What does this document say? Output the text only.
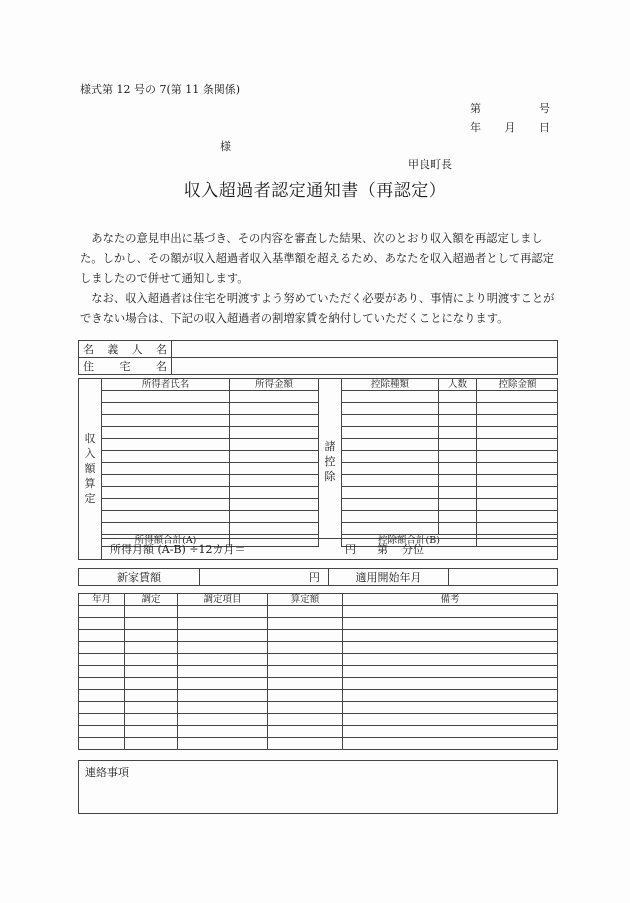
様式第 12 号の 7(第 11 条関係)
第	号
年 月 日
様
甲良町長
収入超過者認定通知書（再認定）

あなたの意見申出に基づき、その内容を審査した結果、次のとおり収入額を再認定しました。しかし、その額が収入超過者収入基準額を超えるため、あなたを収入超過者として再認定しましたので併せて通知します。

なお、収入超過者は住宅を明渡すよう努めていただく必要があり、事情により明渡すことができない場合は、下記の収入超過者の割増家賃を納付していただくことになります。

名義人名	
住宅名	
収
入
額
算
定
所得者氏名	所得金額

所得額合計(A)	
諸
控
除
控除種類	人数	控除金額

控除額合計(B)		
所得月額 (A-B) ÷12カ月＝	円 第 分位
新家賃額	円	適用開始年月	
年月	調定	調定項目	算定額	備考

連絡事項
